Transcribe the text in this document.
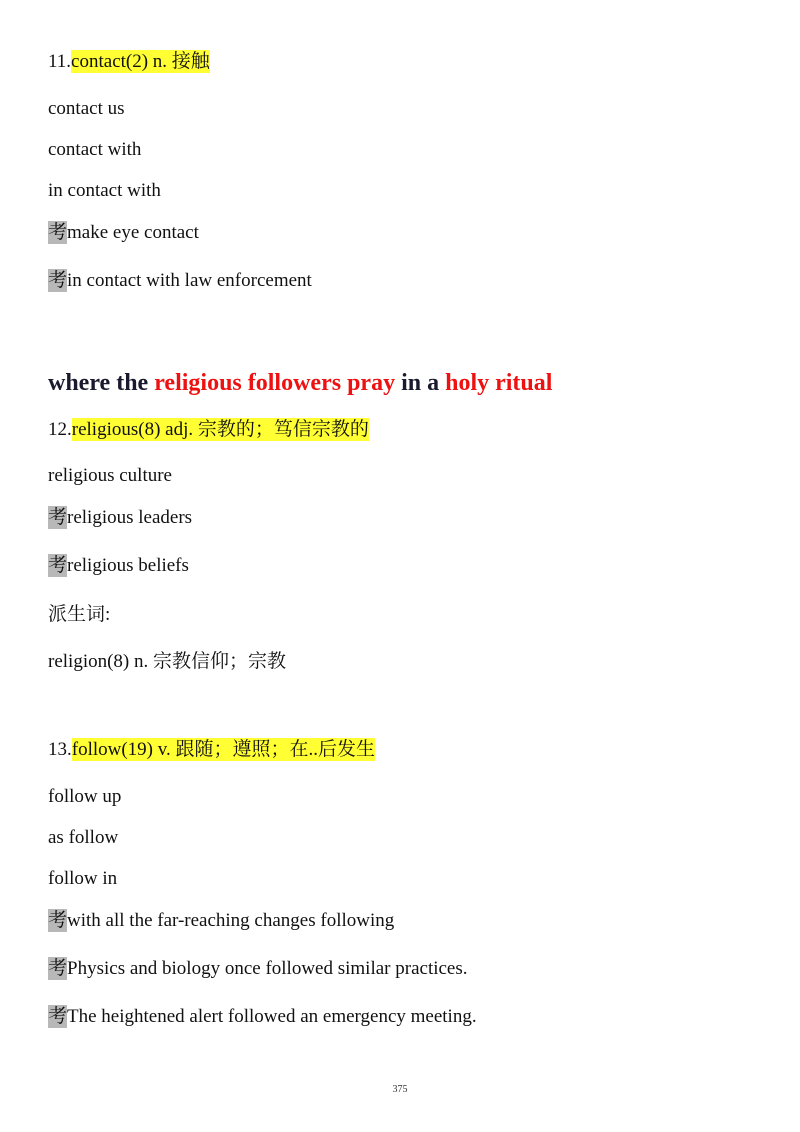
11.contact(2) n. 接触
contact us
contact with
in contact with
考make eye contact
考in contact with law enforcement
where the religious followers pray in a holy ritual
12.religious(8) adj. 宗教的；笃信宗教的
religious culture
考religious leaders
考religious beliefs
派生词:
religion(8) n. 宗教信仰；宗教
13.follow(19) v. 跟随；遵照；在..后发生
follow up
as follow
follow in
考with all the far-reaching changes following
考Physics and biology once followed similar practices.
考The heightened alert followed an emergency meeting.
375
